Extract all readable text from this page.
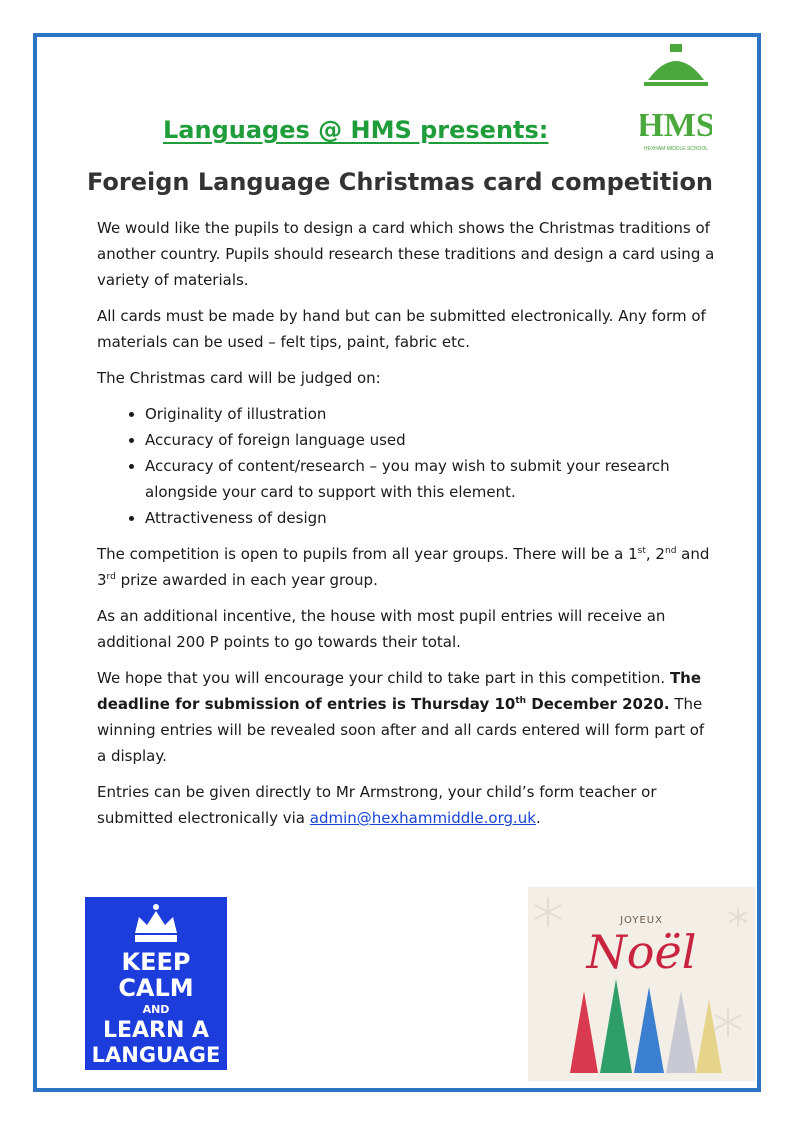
HMS
HEXHAM MIDDLE SCHOOL
Languages @ HMS presents:
Foreign Language Christmas card competition

We would like the pupils to design a card which shows the Christmas traditions of another country. Pupils should research these traditions and design a card using a variety of materials.

All cards must be made by hand but can be submitted electronically. Any form of materials can be used – felt tips, paint, fabric etc.

The Christmas card will be judged on:

• Originality of illustration
• Accuracy of foreign language used
• Accuracy of content/research – you may wish to submit your research alongside your card to support with this element.
• Attractiveness of design

The competition is open to pupils from all year groups. There will be a 1st, 2nd and 3rd prize awarded in each year group.

As an additional incentive, the house with most pupil entries will receive an additional 200 P points to go towards their total.

We hope that you will encourage your child to take part in this competition. The deadline for submission of entries is Thursday 10th December 2020. The winning entries will be revealed soon after and all cards entered will form part of a display.

Entries can be given directly to Mr Armstrong, your child’s form teacher or submitted electronically via admin@hexhammiddle.org.uk.

KEEP
CALM
AND
LEARN A
LANGUAGE
JOYEUX
Noël
